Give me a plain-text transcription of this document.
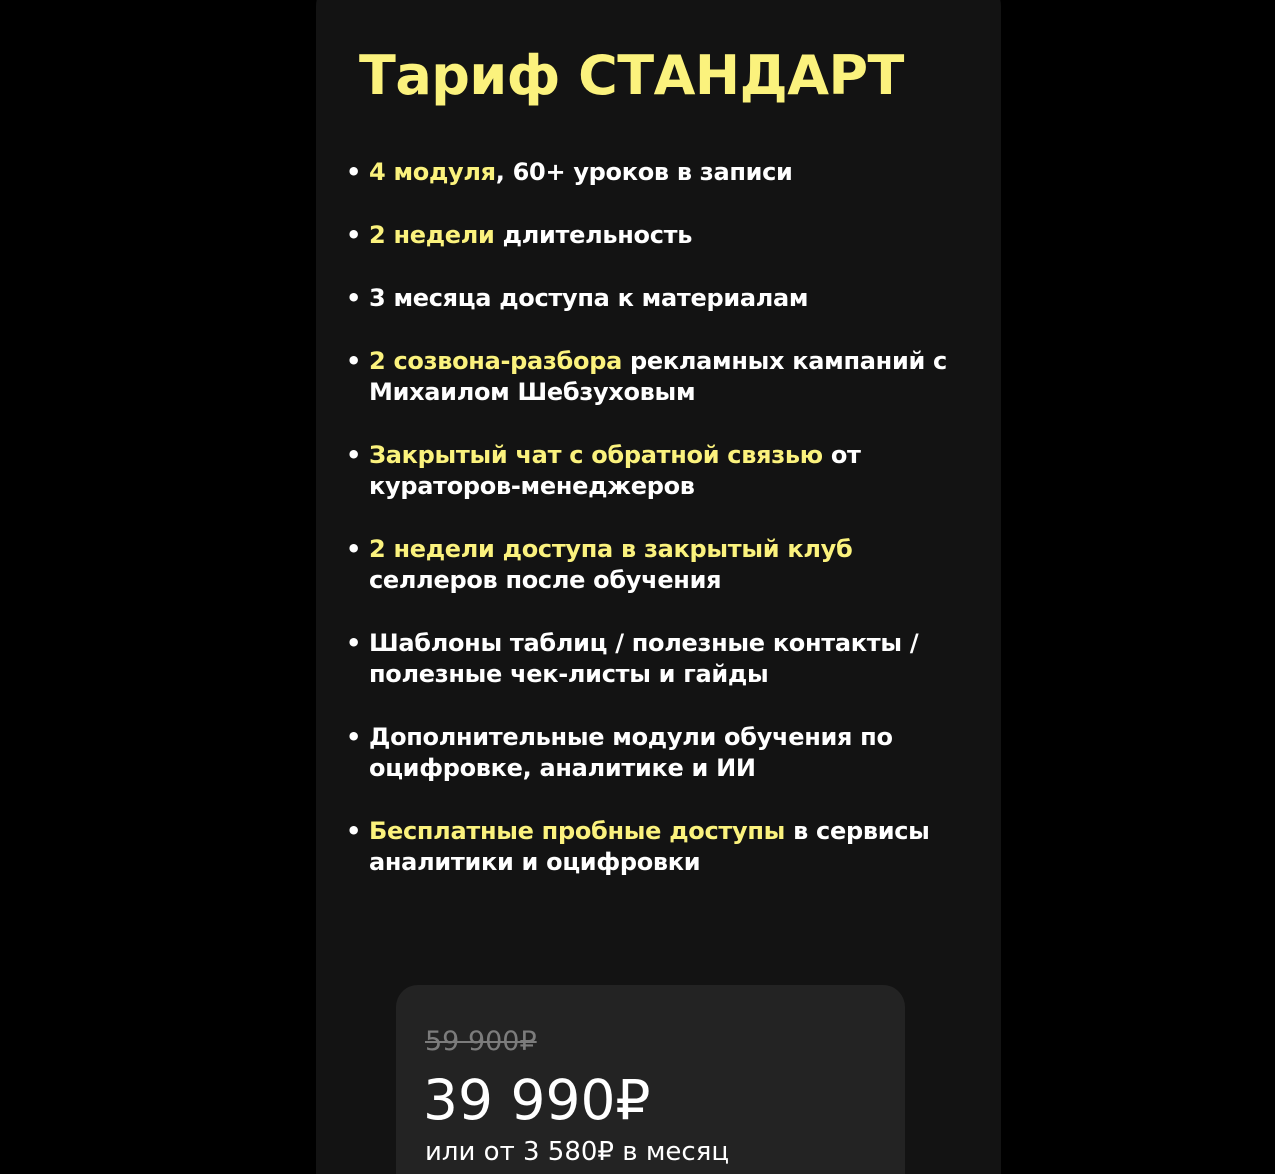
Тариф СТАНДАРТ
• 4 модуля, 60+ уроков в записи
• 2 недели длительность
• 3 месяца доступа к материалам
• 2 созвона-разбора рекламных кампаний с Михаилом Шебзуховым
• Закрытый чат с обратной связью от кураторов-менеджеров
• 2 недели доступа в закрытый клуб селлеров после обучения
• Шаблоны таблиц / полезные контакты / полезные чек-листы и гайды
• Дополнительные модули обучения по оцифровке, аналитике и ИИ
• Бесплатные пробные доступы в сервисы аналитики и оцифровки

59 900₽

39 990₽

или от 3 580₽ в месяц
